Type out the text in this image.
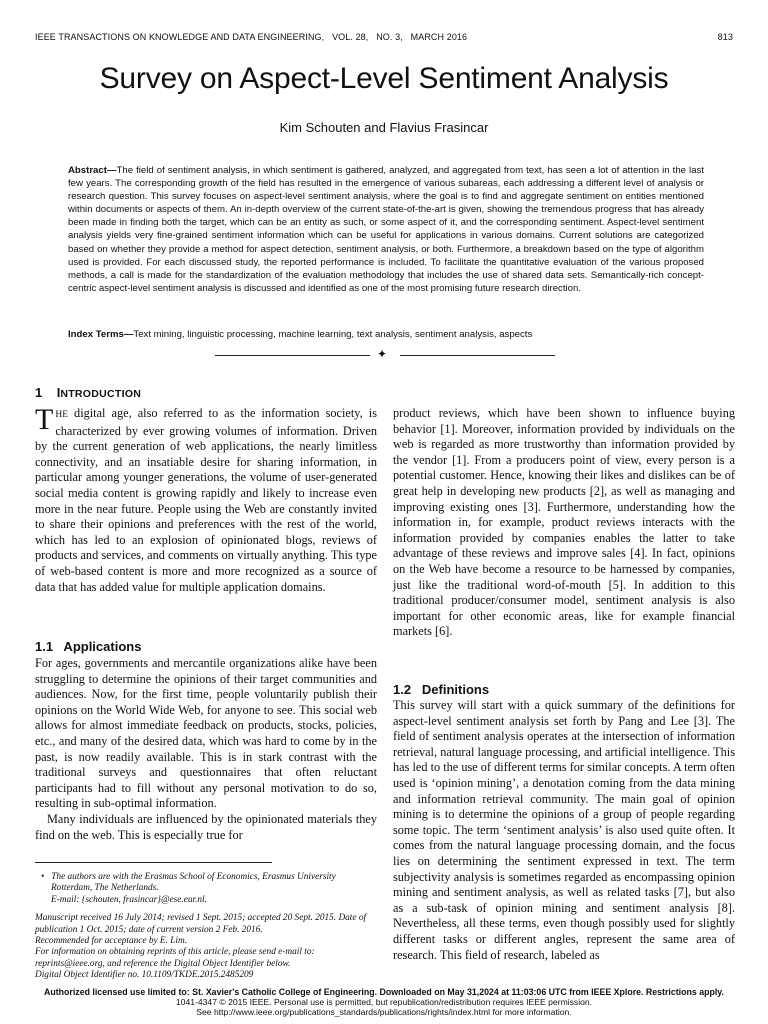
IEEE TRANSACTIONS ON KNOWLEDGE AND DATA ENGINEERING, VOL. 28, NO. 3, MARCH 2016	813
Survey on Aspect-Level Sentiment Analysis
Kim Schouten and Flavius Frasincar

Abstract—The field of sentiment analysis, in which sentiment is gathered, analyzed, and aggregated from text, has seen a lot of attention in the last few years. The corresponding growth of the field has resulted in the emergence of various subareas, each addressing a different level of analysis or research question. This survey focuses on aspect-level sentiment analysis, where the goal is to find and aggregate sentiment on entities mentioned within documents or aspects of them. An in-depth overview of the current state-of-the-art is given, showing the tremendous progress that has already been made in finding both the target, which can be an entity as such, or some aspect of it, and the corresponding sentiment. Aspect-level sentiment analysis yields very fine-grained sentiment information which can be useful for applications in various domains. Current solutions are categorized based on whether they provide a method for aspect detection, sentiment analysis, or both. Furthermore, a breakdown based on the type of algorithm used is provided. For each discussed study, the reported performance is included. To facilitate the quantitative evaluation of the various proposed methods, a call is made for the standardization of the evaluation methodology that includes the use of shared data sets. Semantically-rich concept-centric aspect-level sentiment analysis is discussed and identified as one of the most promising future research direction.

Index Terms—Text mining, linguistic processing, machine learning, text analysis, sentiment analysis, aspects

✦
1 INTRODUCTION

THE digital age, also referred to as the information society, is characterized by ever growing volumes of information. Driven by the current generation of web applications, the nearly limitless connectivity, and an insatiable desire for sharing information, in particular among younger generations, the volume of user-generated social media content is growing rapidly and likely to increase even more in the near future. People using the Web are constantly invited to share their opinions and preferences with the rest of the world, which has led to an explosion of opinionated blogs, reviews of products and services, and comments on virtually anything. This type of web-based content is more and more recognized as a source of data that has added value for multiple application domains.

1.1   Applications

For ages, governments and mercantile organizations alike have been struggling to determine the opinions of their target communities and audiences. Now, for the first time, people voluntarily publish their opinions on the World Wide Web, for anyone to see. This social web allows for almost immediate feedback on products, stocks, policies, etc., and many of the desired data, which was hard to come by in the past, is now readily available. This is in stark contrast with the traditional surveys and questionnaires that often reluctant participants had to fill without any personal motivation to do so, resulting in sub-optimal information.

Many individuals are influenced by the opinionated materials they find on the web. This is especially true for

product reviews, which have been shown to influence buying behavior [1]. Moreover, information provided by individuals on the web is regarded as more trustworthy than information provided by the vendor [1]. From a producers point of view, every person is a potential customer. Hence, knowing their likes and dislikes can be of great help in developing new products [2], as well as managing and improving existing ones [3]. Furthermore, understanding how the information in, for example, product reviews interacts with the information provided by companies enables the latter to take advantage of these reviews and improve sales [4]. In fact, opinions on the Web have become a resource to be harnessed by companies, just like the traditional word-of-mouth [5]. In addition to this traditional producer/consumer model, sentiment analysis is also important for other economic areas, like for example financial markets [6].

1.2   Definitions

This survey will start with a quick summary of the definitions for aspect-level sentiment analysis set forth by Pang and Lee [3]. The field of sentiment analysis operates at the intersection of information retrieval, natural language processing, and artificial intelligence. This has led to the use of different terms for similar concepts. A term often used is ‘opinion mining’, a denotation coming from the data mining and information retrieval community. The main goal of opinion mining is to determine the opinions of a group of people regarding some topic. The term ‘sentiment analysis’ is also used quite often. It comes from the natural language processing domain, and the focus lies on determining the sentiment expressed in text. The term subjectivity analysis is sometimes regarded as encompassing opinion mining and sentiment analysis, as well as related tasks [7], but also as a sub-task of opinion mining and sentiment analysis [8]. Nevertheless, all these terms, even though possibly used for slightly different tasks or different angles, represent the same area of research. This field of research, labeled as

• The authors are with the Erasmus School of Economics, Erasmus University Rotterdam, The Netherlands.
E-mail: {schouten, frasincar}@ese.eur.nl.

Manuscript received 16 July 2014; revised 1 Sept. 2015; accepted 20 Sept. 2015. Date of publication 1 Oct. 2015; date of current version 2 Feb. 2016.

Recommended for acceptance by E. Lim.

For information on obtaining reprints of this article, please send e-mail to: reprints@ieee.org, and reference the Digital Object Identifier below.

Digital Object Identifier no. 10.1109/TKDE.2015.2485209

Authorized licensed use limited to: St. Xavier's Catholic College of Engineering. Downloaded on May 31,2024 at 11:03:06 UTC from IEEE Xplore. Restrictions apply.
1041-4347 © 2015 IEEE. Personal use is permitted, but republication/redistribution requires IEEE permission.
See http://www.ieee.org/publications_standards/publications/rights/index.html for more information.
